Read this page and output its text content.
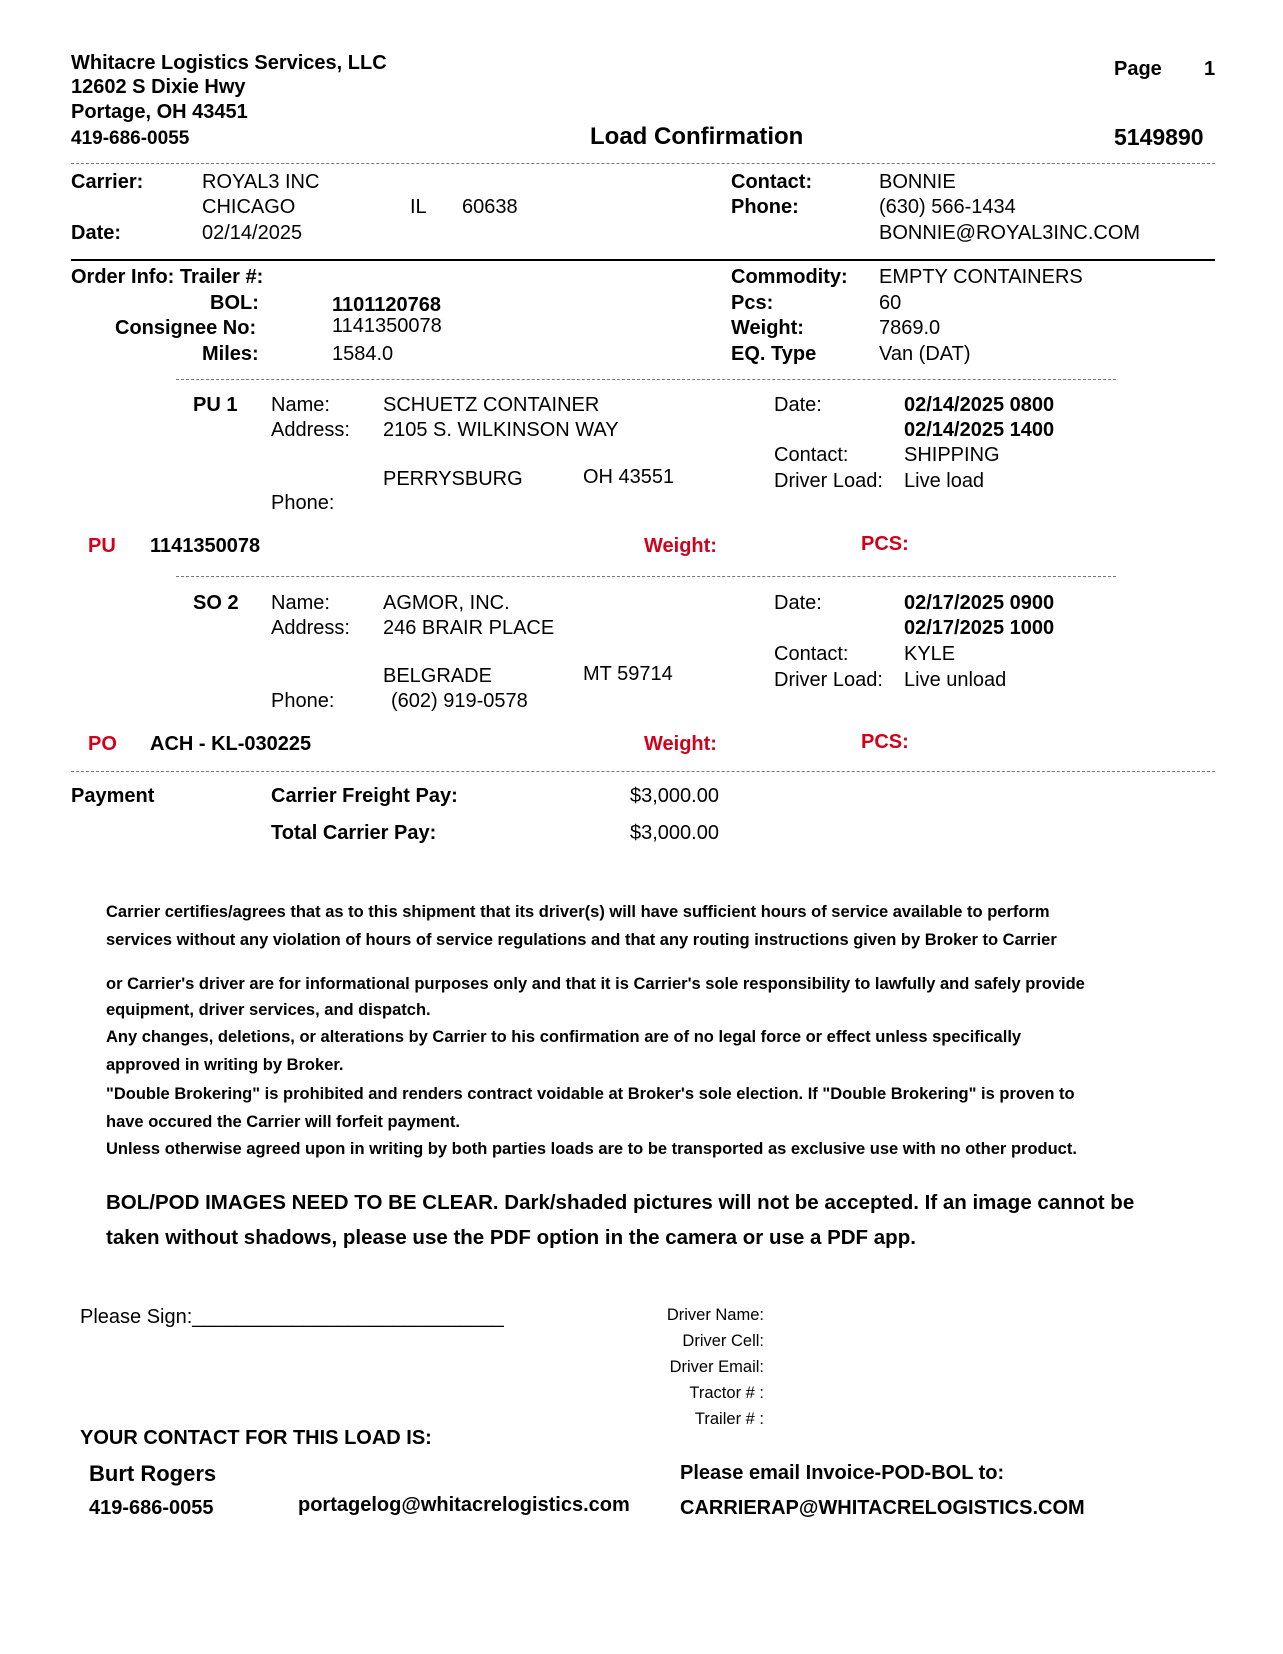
Whitacre Logistics Services, LLC
12602 S Dixie Hwy
Portage, OH 43451
419-686-0055
Page 1
Load Confirmation	5149890
Carrier:	ROYAL3 INC
CHICAGO	IL 60638
Date:	02/14/2025
Contact:	BONNIE
Phone:	(630) 566-1434
BONNIE@ROYAL3INC.COM
Order Info: Trailer #:
BOL:	1101120768
Consignee No:	1141350078
Miles:	1584.0
Commodity: EMPTY CONTAINERS
Pcs:	60
Weight:	7869.0
EQ. Type	Van (DAT)
PU 1 Name:	SCHUETZ CONTAINER
Address: 2105 S. WILKINSON WAY
PERRYSBURG	OH 43551
Phone:
Date:	02/14/2025 0800
02/14/2025 1400
Contact:	SHIPPING
Driver Load: Live load
PU 1141350078	Weight:	PCS:
SO 2 Name:	AGMOR, INC.
Address: 246 BRAIR PLACE
BELGRADE	MT 59714
Phone:	(602) 919-0578
Date:	02/17/2025 0900
02/17/2025 1000
Contact:	KYLE
Driver Load: Live unload
PO ACH - KL-030225	Weight:	PCS:
Payment	Carrier Freight Pay:	$3,000.00
Total Carrier Pay:	$3,000.00

Carrier certifies/agrees that as to this shipment that its driver(s) will have sufficient hours of service available to perform

services without any violation of hours of service regulations and that any routing instructions given by Broker to Carrier

or Carrier's driver are for informational purposes only and that it is Carrier's sole responsibility to lawfully and safely provide

equipment, driver services, and dispatch.

Any changes, deletions, or alterations by Carrier to his confirmation are of no legal force or effect unless specifically

approved in writing by Broker.

"Double Brokering" is prohibited and renders contract voidable at Broker's sole election. If "Double Brokering" is proven to

have occured the Carrier will forfeit payment.

Unless otherwise agreed upon in writing by both parties loads are to be transported as exclusive use with no other product.

BOL/POD IMAGES NEED TO BE CLEAR. Dark/shaded pictures will not be accepted. If an image cannot be
taken without shadows, please use the PDF option in the camera or use a PDF app.
Please Sign:____________________________	Driver Name:
Driver Cell:
Driver Email:
Tractor # :
Trailer # :
YOUR CONTACT FOR THIS LOAD IS:
Burt Rogers
419-686-0055	portagelog@whitacrelogistics.com
Please email Invoice-POD-BOL to:
CARRIERAP@WHITACRELOGISTICS.COM
